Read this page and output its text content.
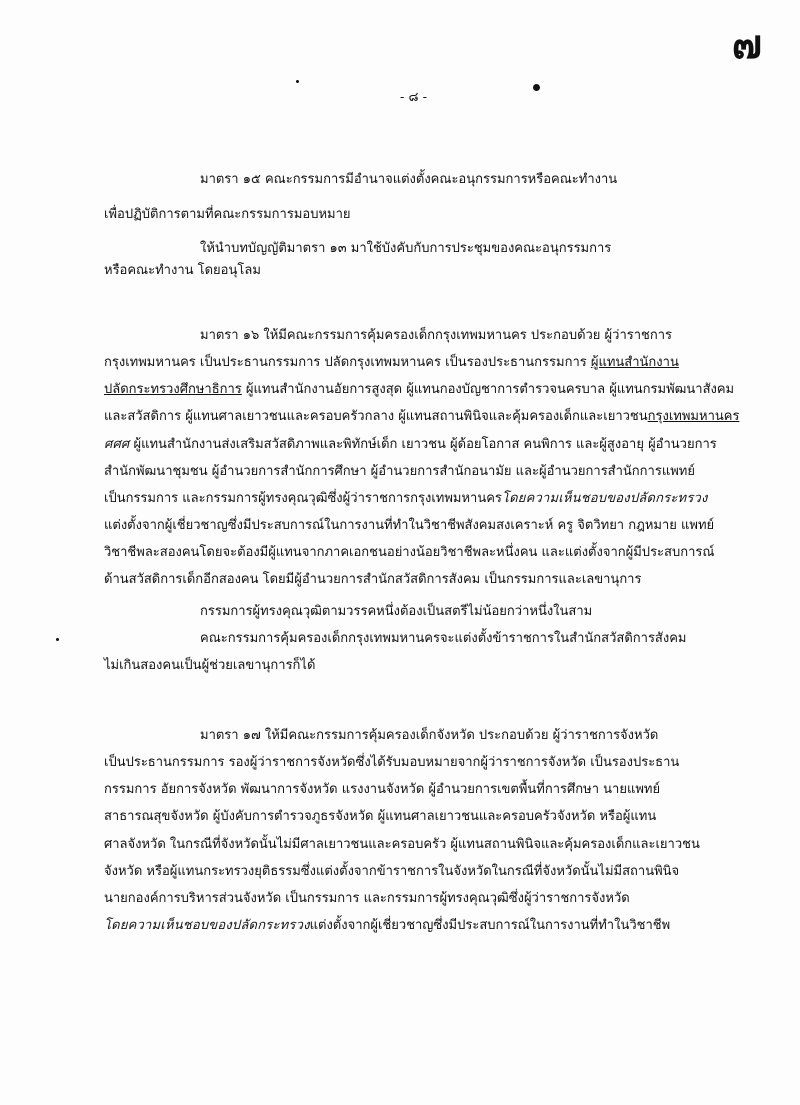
๗
- ๘ -
มาตรา ๑๕ คณะกรรมการมีอำนาจแต่งตั้งคณะอนุกรรมการหรือคณะทำงาน
เพื่อปฏิบัติการตามที่คณะกรรมการมอบหมาย
ให้นำบทบัญญัติมาตรา ๑๓ มาใช้บังคับกับการประชุมของคณะอนุกรรมการ
หรือคณะทำงาน โดยอนุโลม
มาตรา ๑๖ ให้มีคณะกรรมการคุ้มครองเด็กกรุงเทพมหานคร ประกอบด้วย ผู้ว่าราชการ
กรุงเทพมหานคร เป็นประธานกรรมการ ปลัดกรุงเทพมหานคร เป็นรองประธานกรรมการ ผู้แทนสำนักงาน
ปลัดกระทรวงศึกษาธิการ ผู้แทนสำนักงานอัยการสูงสุด ผู้แทนกองบัญชาการตำรวจนครบาล ผู้แทนกรมพัฒนาสังคม
และสวัสดิการ ผู้แทนศาลเยาวชนและครอบครัวกลาง ผู้แทนสถานพินิจและคุ้มครองเด็กและเยาวชนกรุงเทพมหานคร
ศศศ ผู้แทนสำนักงานส่งเสริมสวัสดิภาพและพิทักษ์เด็ก เยาวชน ผู้ด้อยโอกาส คนพิการ และผู้สูงอายุ ผู้อำนวยการ
สำนักพัฒนาชุมชน ผู้อำนวยการสำนักการศึกษา ผู้อำนวยการสำนักอนามัย และผู้อำนวยการสำนักการแพทย์
เป็นกรรมการ และกรรมการผู้ทรงคุณวุฒิซึ่งผู้ว่าราชการกรุงเทพมหานครโดยความเห็นชอบของปลัดกระทรวง
แต่งตั้งจากผู้เชี่ยวชาญซึ่งมีประสบการณ์ในการงานที่ทำในวิชาชีพสังคมสงเคราะห์ ครู จิตวิทยา กฎหมาย แพทย์
วิชาชีพละสองคนโดยจะต้องมีผู้แทนจากภาคเอกชนอย่างน้อยวิชาชีพละหนึ่งคน และแต่งตั้งจากผู้มีประสบการณ์
ด้านสวัสดิการเด็กอีกสองคน โดยมีผู้อำนวยการสำนักสวัสดิการสังคม เป็นกรรมการและเลขานุการ
กรรมการผู้ทรงคุณวุฒิตามวรรคหนึ่งต้องเป็นสตรีไม่น้อยกว่าหนึ่งในสาม
คณะกรรมการคุ้มครองเด็กกรุงเทพมหานครจะแต่งตั้งข้าราชการในสำนักสวัสดิการสังคม
ไม่เกินสองคนเป็นผู้ช่วยเลขานุการก็ได้
มาตรา ๑๗ ให้มีคณะกรรมการคุ้มครองเด็กจังหวัด ประกอบด้วย ผู้ว่าราชการจังหวัด
เป็นประธานกรรมการ รองผู้ว่าราชการจังหวัดซึ่งได้รับมอบหมายจากผู้ว่าราชการจังหวัด เป็นรองประธาน
กรรมการ อัยการจังหวัด พัฒนาการจังหวัด แรงงานจังหวัด ผู้อำนวยการเขตพื้นที่การศึกษา นายแพทย์
สาธารณสุขจังหวัด ผู้บังคับการตำรวจภูธรจังหวัด ผู้แทนศาลเยาวชนและครอบครัวจังหวัด หรือผู้แทน
ศาลจังหวัด ในกรณีที่จังหวัดนั้นไม่มีศาลเยาวชนและครอบครัว ผู้แทนสถานพินิจและคุ้มครองเด็กและเยาวชน
จังหวัด หรือผู้แทนกระทรวงยุติธรรมซึ่งแต่งตั้งจากข้าราชการในจังหวัดในกรณีที่จังหวัดนั้นไม่มีสถานพินิจ
นายกองค์การบริหารส่วนจังหวัด เป็นกรรมการ และกรรมการผู้ทรงคุณวุฒิซึ่งผู้ว่าราชการจังหวัด
โดยความเห็นชอบของปลัดกระทรวงแต่งตั้งจากผู้เชี่ยวชาญซึ่งมีประสบการณ์ในการงานที่ทำในวิชาชีพ
